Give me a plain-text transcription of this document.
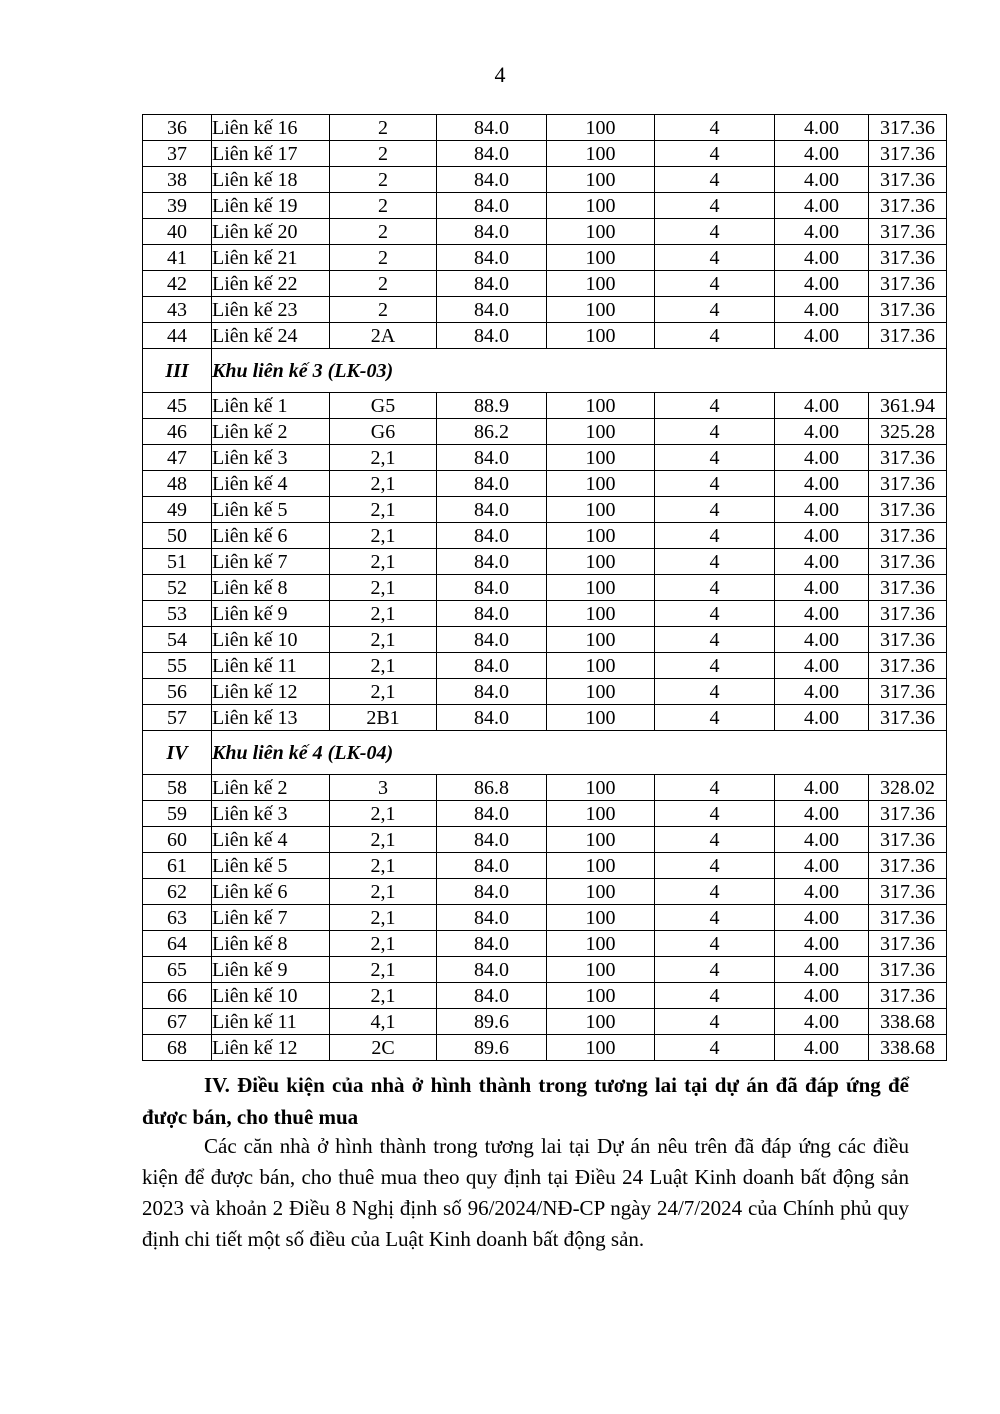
4
36	Liên kế 16	2	84.0	100	4	4.00	317.36
37	Liên kế 17	2	84.0	100	4	4.00	317.36
38	Liên kế 18	2	84.0	100	4	4.00	317.36
39	Liên kế 19	2	84.0	100	4	4.00	317.36
40	Liên kế 20	2	84.0	100	4	4.00	317.36
41	Liên kế 21	2	84.0	100	4	4.00	317.36
42	Liên kế 22	2	84.0	100	4	4.00	317.36
43	Liên kế 23	2	84.0	100	4	4.00	317.36
44	Liên kế 24	2A	84.0	100	4	4.00	317.36
III	Khu liên kế 3 (LK-03)						
45	Liên kế 1	G5	88.9	100	4	4.00	361.94
46	Liên kế 2	G6	86.2	100	4	4.00	325.28
47	Liên kế 3	2,1	84.0	100	4	4.00	317.36
48	Liên kế 4	2,1	84.0	100	4	4.00	317.36
49	Liên kế 5	2,1	84.0	100	4	4.00	317.36
50	Liên kế 6	2,1	84.0	100	4	4.00	317.36
51	Liên kế 7	2,1	84.0	100	4	4.00	317.36
52	Liên kế 8	2,1	84.0	100	4	4.00	317.36
53	Liên kế 9	2,1	84.0	100	4	4.00	317.36
54	Liên kế 10	2,1	84.0	100	4	4.00	317.36
55	Liên kế 11	2,1	84.0	100	4	4.00	317.36
56	Liên kế 12	2,1	84.0	100	4	4.00	317.36
57	Liên kế 13	2B1	84.0	100	4	4.00	317.36
IV	Khu liên kế 4 (LK-04)						
58	Liên kế 2	3	86.8	100	4	4.00	328.02
59	Liên kế 3	2,1	84.0	100	4	4.00	317.36
60	Liên kế 4	2,1	84.0	100	4	4.00	317.36
61	Liên kế 5	2,1	84.0	100	4	4.00	317.36
62	Liên kế 6	2,1	84.0	100	4	4.00	317.36
63	Liên kế 7	2,1	84.0	100	4	4.00	317.36
64	Liên kế 8	2,1	84.0	100	4	4.00	317.36
65	Liên kế 9	2,1	84.0	100	4	4.00	317.36
66	Liên kế 10	2,1	84.0	100	4	4.00	317.36
67	Liên kế 11	4,1	89.6	100	4	4.00	338.68
68	Liên kế 12	2C	89.6	100	4	4.00	338.68

IV. Điều kiện của nhà ở hình thành trong tương lai tại dự án đã đáp ứng để được bán, cho thuê mua

Các căn nhà ở hình thành trong tương lai tại Dự án nêu trên đã đáp ứng các điều kiện để được bán, cho thuê mua theo quy định tại Điều 24 Luật Kinh doanh bất động sản 2023 và khoản 2 Điều 8 Nghị định số 96/2024/NĐ-CP ngày 24/7/2024 của Chính phủ quy định chi tiết một số điều của Luật Kinh doanh bất động sản.
